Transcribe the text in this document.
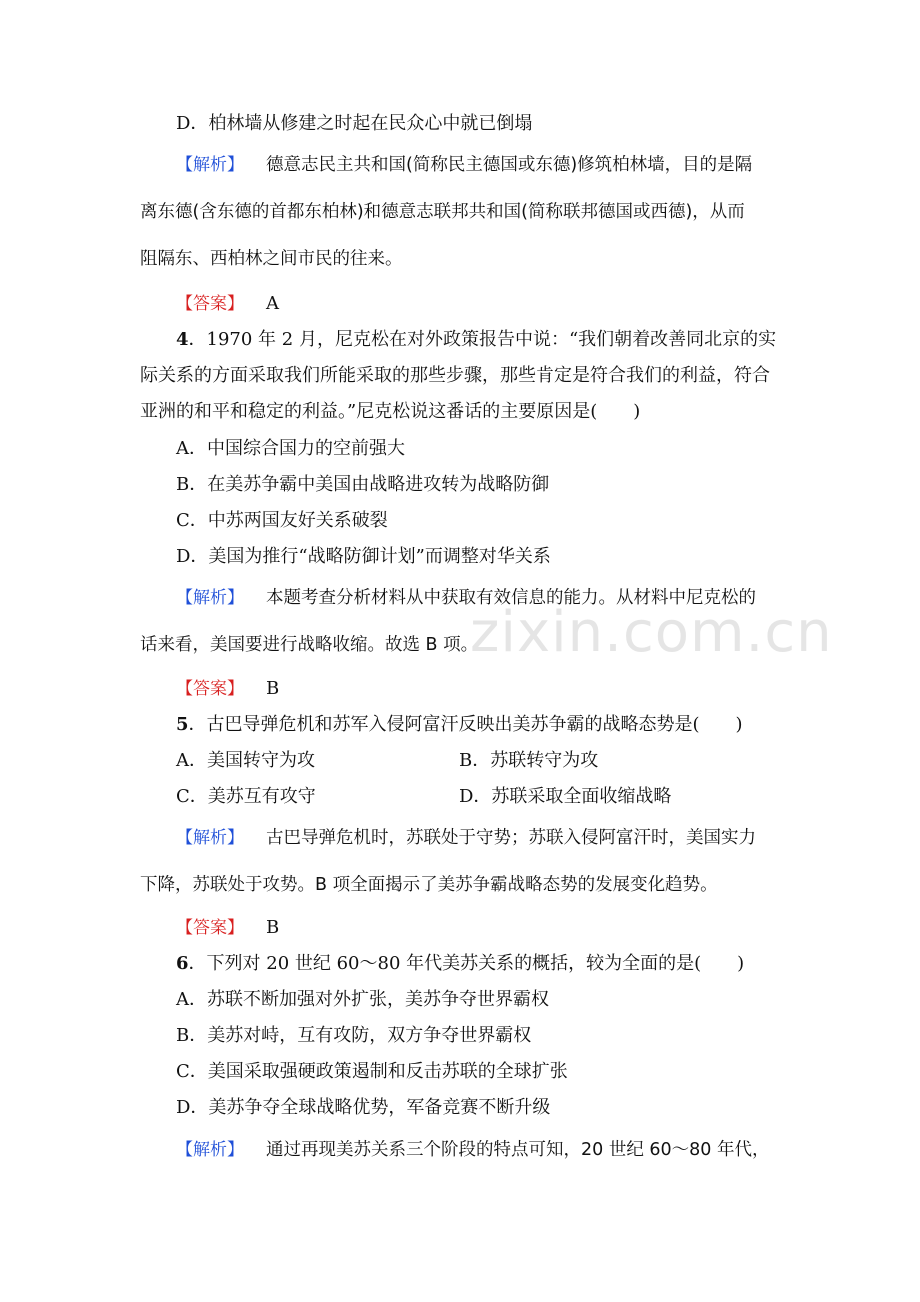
D．柏林墙从修建之时起在民众心中就已倒塌
【解析】 德意志民主共和国(简称民主德国或东德)修筑柏林墙，目的是隔
离东德(含东德的首都东柏林)和德意志联邦共和国(简称联邦德国或西德)，从而
阻隔东、西柏林之间市民的往来。
【答案】 A
4．1970 年 2 月，尼克松在对外政策报告中说：“我们朝着改善同北京的实
际关系的方面采取我们所能采取的那些步骤，那些肯定是符合我们的利益，符合
亚洲的和平和稳定的利益。”尼克松说这番话的主要原因是(　　)
A．中国综合国力的空前强大
B．在美苏争霸中美国由战略进攻转为战略防御
C．中苏两国友好关系破裂
D．美国为推行“战略防御计划”而调整对华关系
【解析】 本题考查分析材料从中获取有效信息的能力。从材料中尼克松的
话来看，美国要进行战略收缩。故选 B 项。
【答案】 B
5．古巴导弹危机和苏军入侵阿富汗反映出美苏争霸的战略态势是(　　)
A．美国转守为攻	B．苏联转守为攻
C．美苏互有攻守	D．苏联采取全面收缩战略
【解析】 古巴导弹危机时，苏联处于守势；苏联入侵阿富汗时，美国实力
下降，苏联处于攻势。B 项全面揭示了美苏争霸战略态势的发展变化趋势。
【答案】 B
6．下列对 20 世纪 60～80 年代美苏关系的概括，较为全面的是(　　)
A．苏联不断加强对外扩张，美苏争夺世界霸权
B．美苏对峙，互有攻防，双方争夺世界霸权
C．美国采取强硬政策遏制和反击苏联的全球扩张
D．美苏争夺全球战略优势，军备竞赛不断升级
【解析】 通过再现美苏关系三个阶段的特点可知，20 世纪 60～80 年代，
zixin.com.cn
